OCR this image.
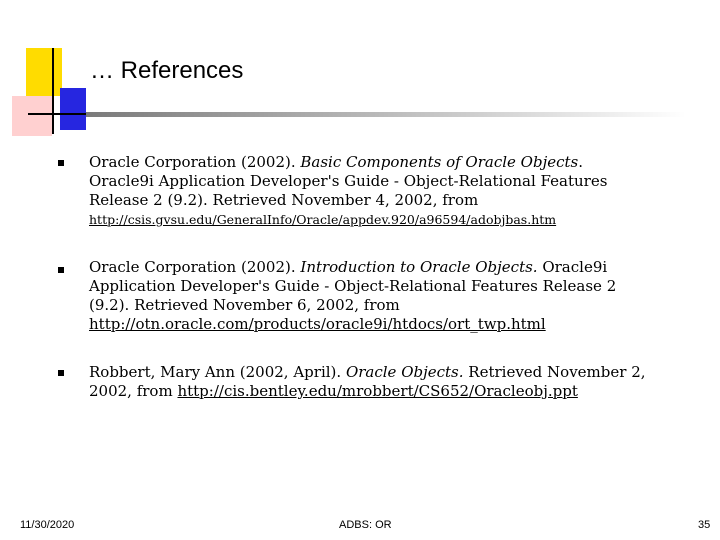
… References
Oracle Corporation (2002). Basic Components of Oracle Objects. Oracle9i Application Developer's Guide - Object-Relational Features Release 2 (9.2). Retrieved November 4, 2002, from
http://csis.gvsu.edu/GeneralInfo/Oracle/appdev.920/a96594/adobjbas.htm
Oracle Corporation (2002). Introduction to Oracle Objects. Oracle9i Application Developer's Guide - Object-Relational Features Release 2 (9.2). Retrieved November 6, 2002, from http://otn.oracle.com/products/oracle9i/htdocs/ort_twp.html
Robbert, Mary Ann (2002, April). Oracle Objects. Retrieved November 2, 2002, from http://cis.bentley.edu/mrobbert/CS652/Oracleobj.ppt
11/30/2020	ADBS: OR	35
